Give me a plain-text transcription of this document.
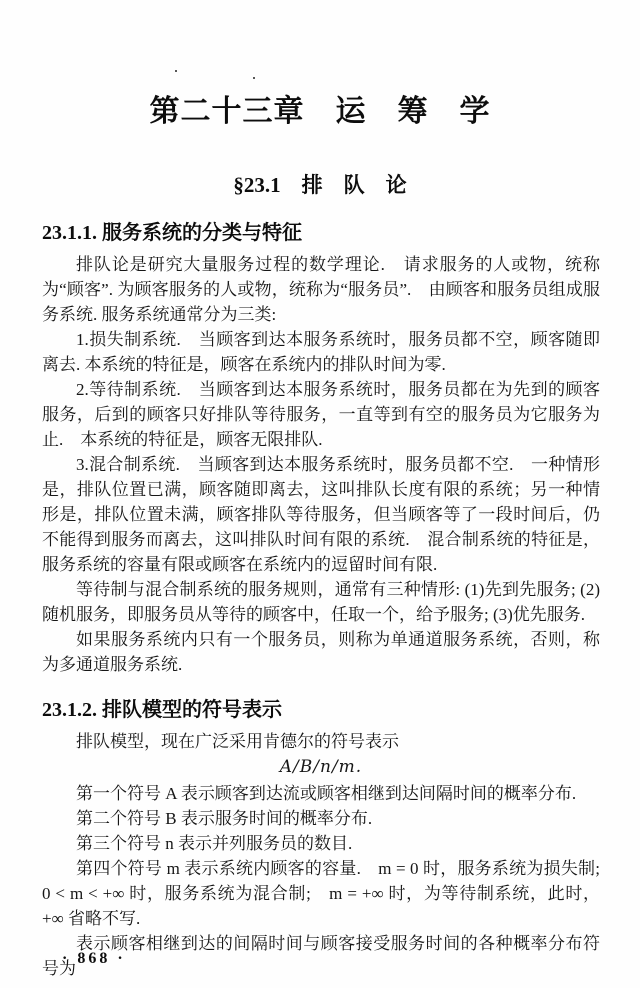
第二十三章　运　筹　学
§23.1　排　队　论
23.1.1. 服务系统的分类与特征

排队论是研究大量服务过程的数学理论.　请求服务的人或物，统称为“顾客”. 为顾客服务的人或物，统称为“服务员”.　由顾客和服务员组成服务系统. 服务系统通常分为三类:

1.损失制系统.　当顾客到达本服务系统时，服务员都不空，顾客随即离去. 本系统的特征是，顾客在系统内的排队时间为零.

2.等待制系统.　当顾客到达本服务系统时，服务员都在为先到的顾客服务，后到的顾客只好排队等待服务，一直等到有空的服务员为它服务为止.　本系统的特征是，顾客无限排队.

3.混合制系统.　当顾客到达本服务系统时，服务员都不空.　一种情形是，排队位置已满，顾客随即离去，这叫排队长度有限的系统；另一种情形是，排队位置未满，顾客排队等待服务，但当顾客等了一段时间后，仍不能得到服务而离去，这叫排队时间有限的系统.　混合制系统的特征是，服务系统的容量有限或顾客在系统内的逗留时间有限.

等待制与混合制系统的服务规则，通常有三种情形: (1)先到先服务; (2)随机服务，即服务员从等待的顾客中，任取一个，给予服务; (3)优先服务.

如果服务系统内只有一个服务员，则称为单通道服务系统，否则，称为多通道服务系统.

23.1.2. 排队模型的符号表示

排队模型，现在广泛采用肯德尔的符号表示

A/B/n/m.

第一个符号 A 表示顾客到达流或顾客相继到达间隔时间的概率分布.

第二个符号 B 表示服务时间的概率分布.

第三个符号 n 表示并列服务员的数目.

第四个符号 m 表示系统内顾客的容量.　m = 0 时，服务系统为损失制; 0 < m < +∞ 时，服务系统为混合制;　m = +∞ 时，为等待制系统，此时，+∞ 省略不写.

表示顾客相继到达的间隔时间与顾客接受服务时间的各种概率分布符号为

· 868 ·
